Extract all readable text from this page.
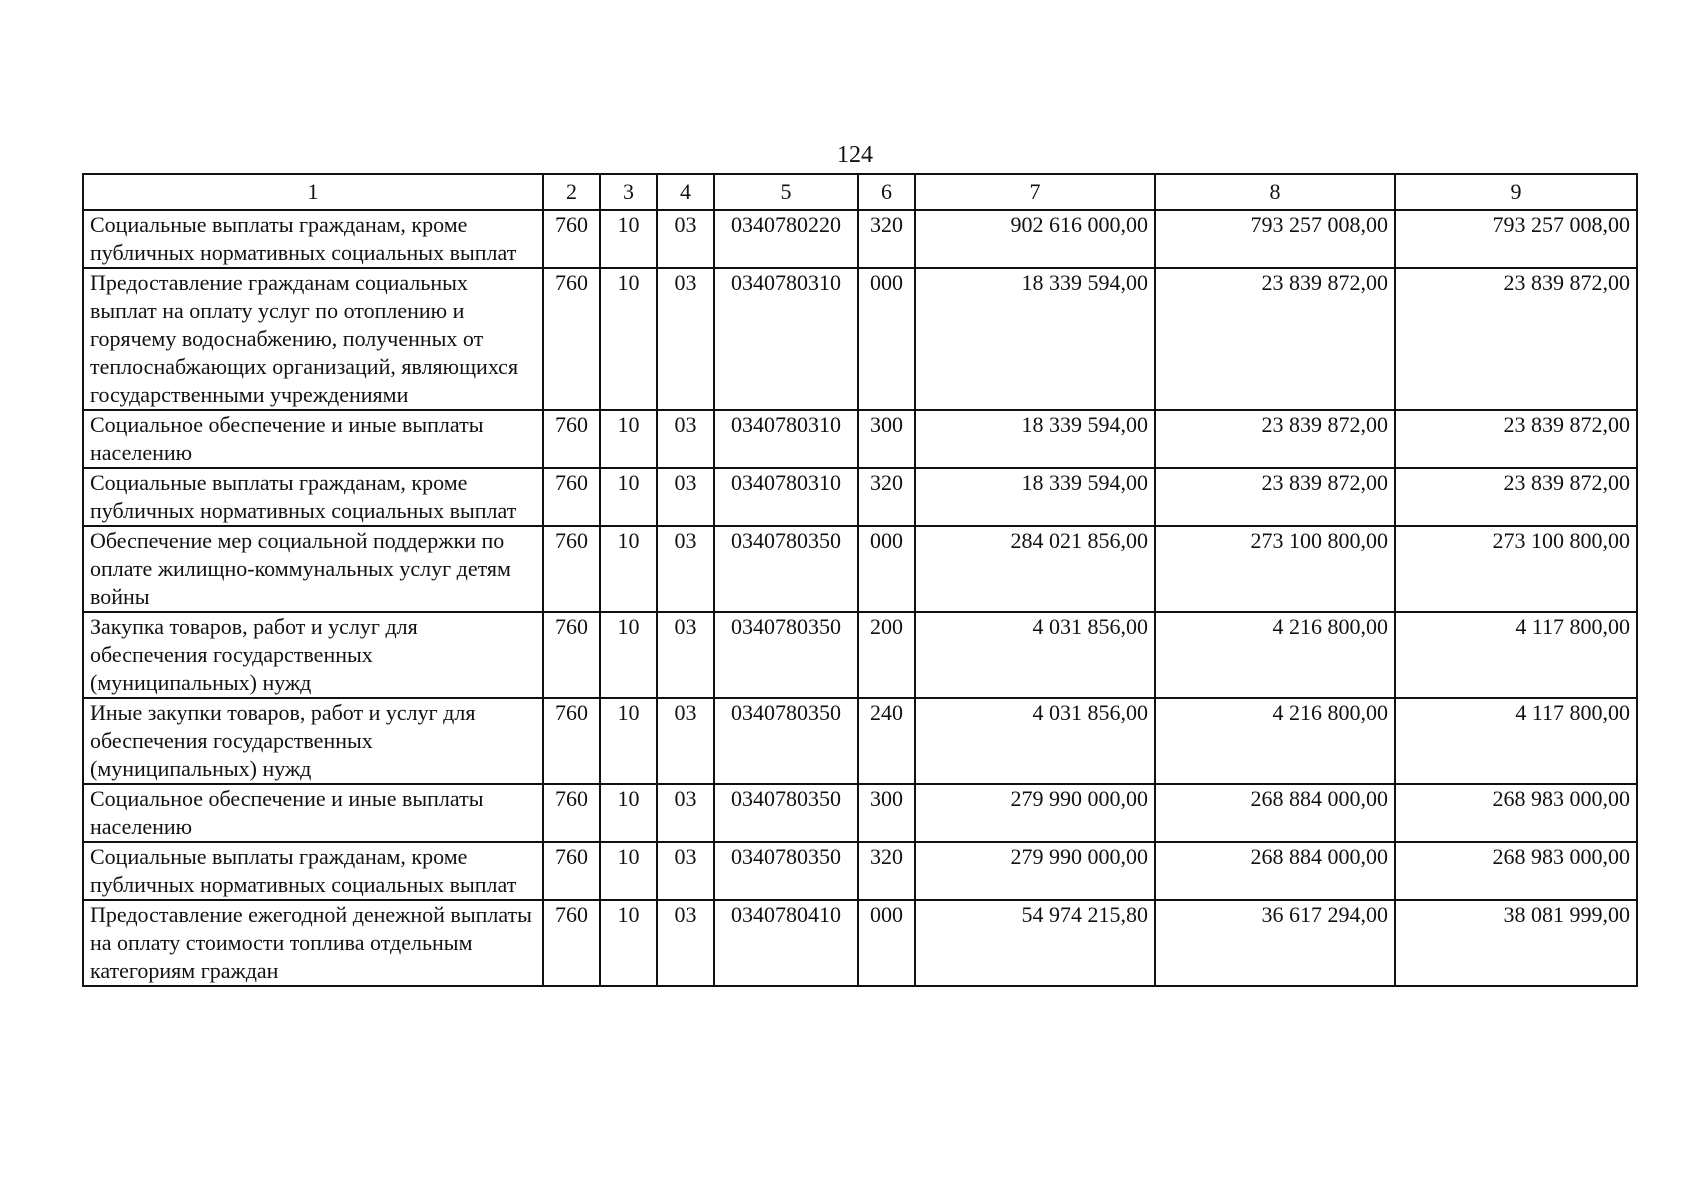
124
1	2	3	4	5	6	7	8	9
Социальные выплаты гражданам, кроме публичных нормативных социальных выплат	760	10	03	0340780220	320	902 616 000,00	793 257 008,00	793 257 008,00
Предоставление гражданам социальных выплат на оплату услуг по отоплению и горячему водоснабжению, полученных от теплоснабжающих организаций, являющихся государственными учреждениями	760	10	03	0340780310	000	18 339 594,00	23 839 872,00	23 839 872,00
Социальное обеспечение и иные выплаты населению	760	10	03	0340780310	300	18 339 594,00	23 839 872,00	23 839 872,00
Социальные выплаты гражданам, кроме публичных нормативных социальных выплат	760	10	03	0340780310	320	18 339 594,00	23 839 872,00	23 839 872,00
Обеспечение мер социальной поддержки по оплате жилищно-коммунальных услуг детям войны	760	10	03	0340780350	000	284 021 856,00	273 100 800,00	273 100 800,00
Закупка товаров, работ и услуг для обеспечения государственных (муниципальных) нужд	760	10	03	0340780350	200	4 031 856,00	4 216 800,00	4 117 800,00
Иные закупки товаров, работ и услуг для обеспечения государственных (муниципальных) нужд	760	10	03	0340780350	240	4 031 856,00	4 216 800,00	4 117 800,00
Социальное обеспечение и иные выплаты населению	760	10	03	0340780350	300	279 990 000,00	268 884 000,00	268 983 000,00
Социальные выплаты гражданам, кроме публичных нормативных социальных выплат	760	10	03	0340780350	320	279 990 000,00	268 884 000,00	268 983 000,00
Предоставление ежегодной денежной выплаты на оплату стоимости топлива отдельным категориям граждан	760	10	03	0340780410	000	54 974 215,80	36 617 294,00	38 081 999,00
